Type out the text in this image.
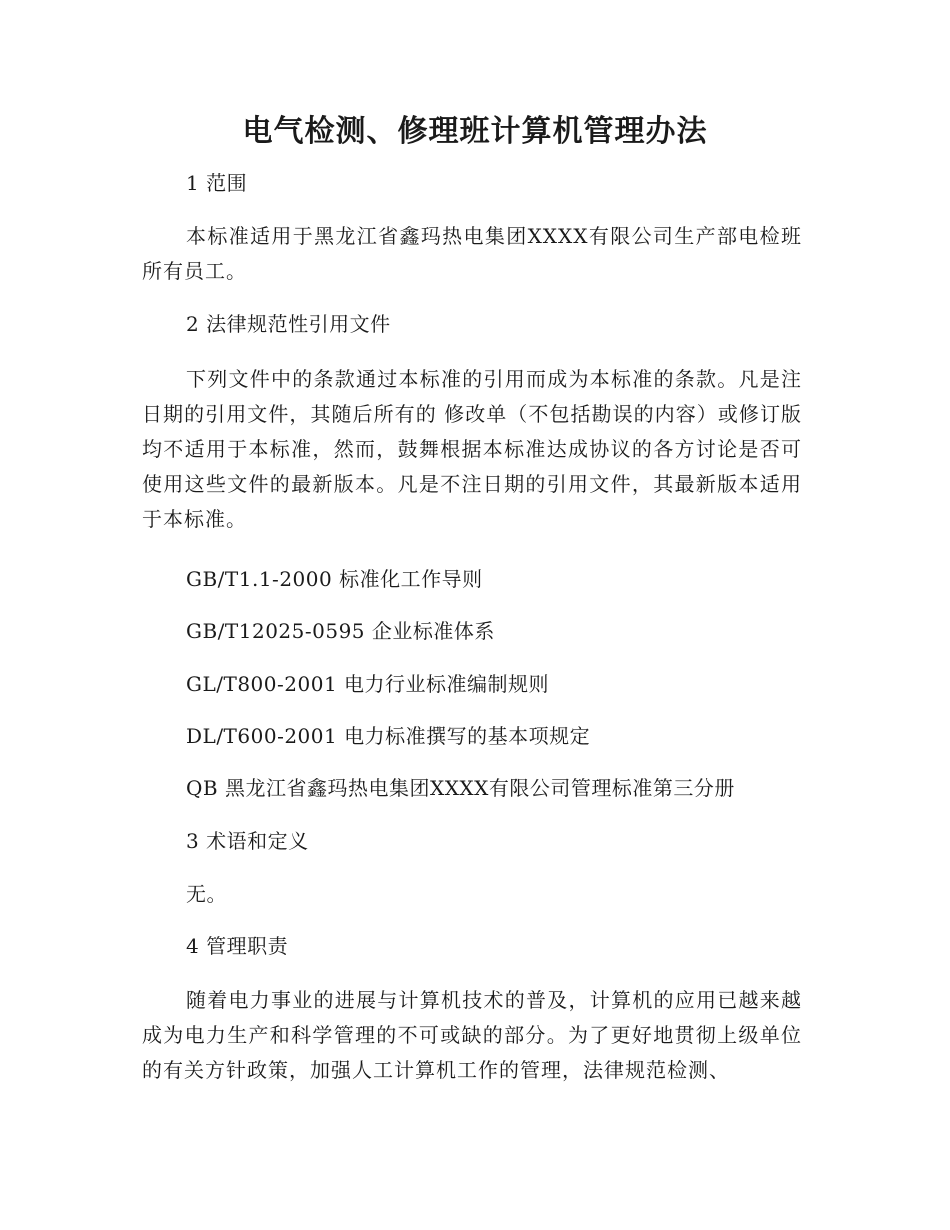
电气检测、修理班计算机管理办法

1 范围

本标准适用于黑龙江省鑫玛热电集团XXXX有限公司生产部电检班所有员工。

2 法律规范性引用文件

下列文件中的条款通过本标准的引用而成为本标准的条款。凡是注日期的引用文件，其随后所有的 修改单（不包括勘误的内容）或修订版均不适用于本标准，然而，鼓舞根据本标准达成协议的各方讨论是否可使用这些文件的最新版本。凡是不注日期的引用文件，其最新版本适用于本标准。

GB/T1.1-2000 标准化工作导则

GB/T12025-0595 企业标准体系

GL/T800-2001 电力行业标准编制规则

DL/T600-2001 电力标准撰写的基本项规定

QB 黑龙江省鑫玛热电集团XXXX有限公司管理标准第三分册

3 术语和定义

无。

4 管理职责

随着电力事业的进展与计算机技术的普及，计算机的应用已越来越成为电力生产和科学管理的不可或缺的部分。为了更好地贯彻上级单位的有关方针政策，加强人工计算机工作的管理，法律规范检测、
